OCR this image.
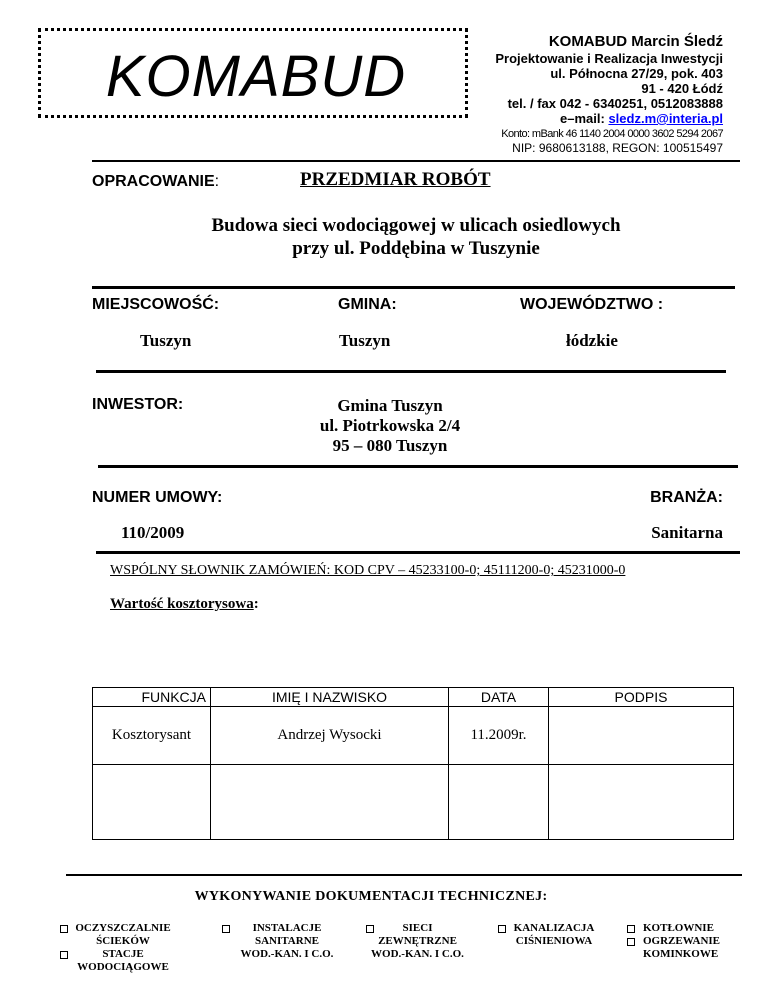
KOMABUD
KOMABUD Marcin Śledź
Projektowanie i Realizacja Inwestycji
ul. Północna 27/29, pok. 403
91 - 420 Łódź
tel. / fax 042 - 6340251, 0512083888
e–mail: sledz.m@interia.pl
Konto: mBank 46 1140 2004 0000 3602 5294 2067
NIP: 9680613188, REGON: 100515497
OPRACOWANIE:	PRZEDMIAR ROBÓT
Budowa sieci wodociągowej w ulicach osiedlowych
przy ul. Poddębina w Tuszynie
MIEJSCOWOŚĆ:	GMINA:	WOJEWÓDZTWO :
Tuszyn	Tuszyn	łódzkie
INWESTOR:	Gmina Tuszyn
ul. Piotrkowska 2/4
95 – 080 Tuszyn
NUMER UMOWY:	BRANŻA:
110/2009	Sanitarna
WSPÓLNY SŁOWNIK ZAMÓWIEŃ: KOD CPV – 45233100-0; 45111200-0; 45231000-0
Wartość kosztorysowa:
FUNKCJA	IMIĘ I NAZWISKO	DATA	PODPIS
Kosztorysant	Andrzej Wysocki	11.2009r.	

WYKONYWANIE DOKUMENTACJI TECHNICZNEJ:
OCZYSZCZALNIE
ŚCIEKÓW
STACJE
WODOCIĄGOWE
INSTALACJE
SANITARNE
WOD.-KAN. I C.O.
SIECI
ZEWNĘTRZNE
WOD.-KAN. I C.O.
KANALIZACJA
CIŚNIENIOWA
KOTŁOWNIE
OGRZEWANIE
KOMINKOWE
